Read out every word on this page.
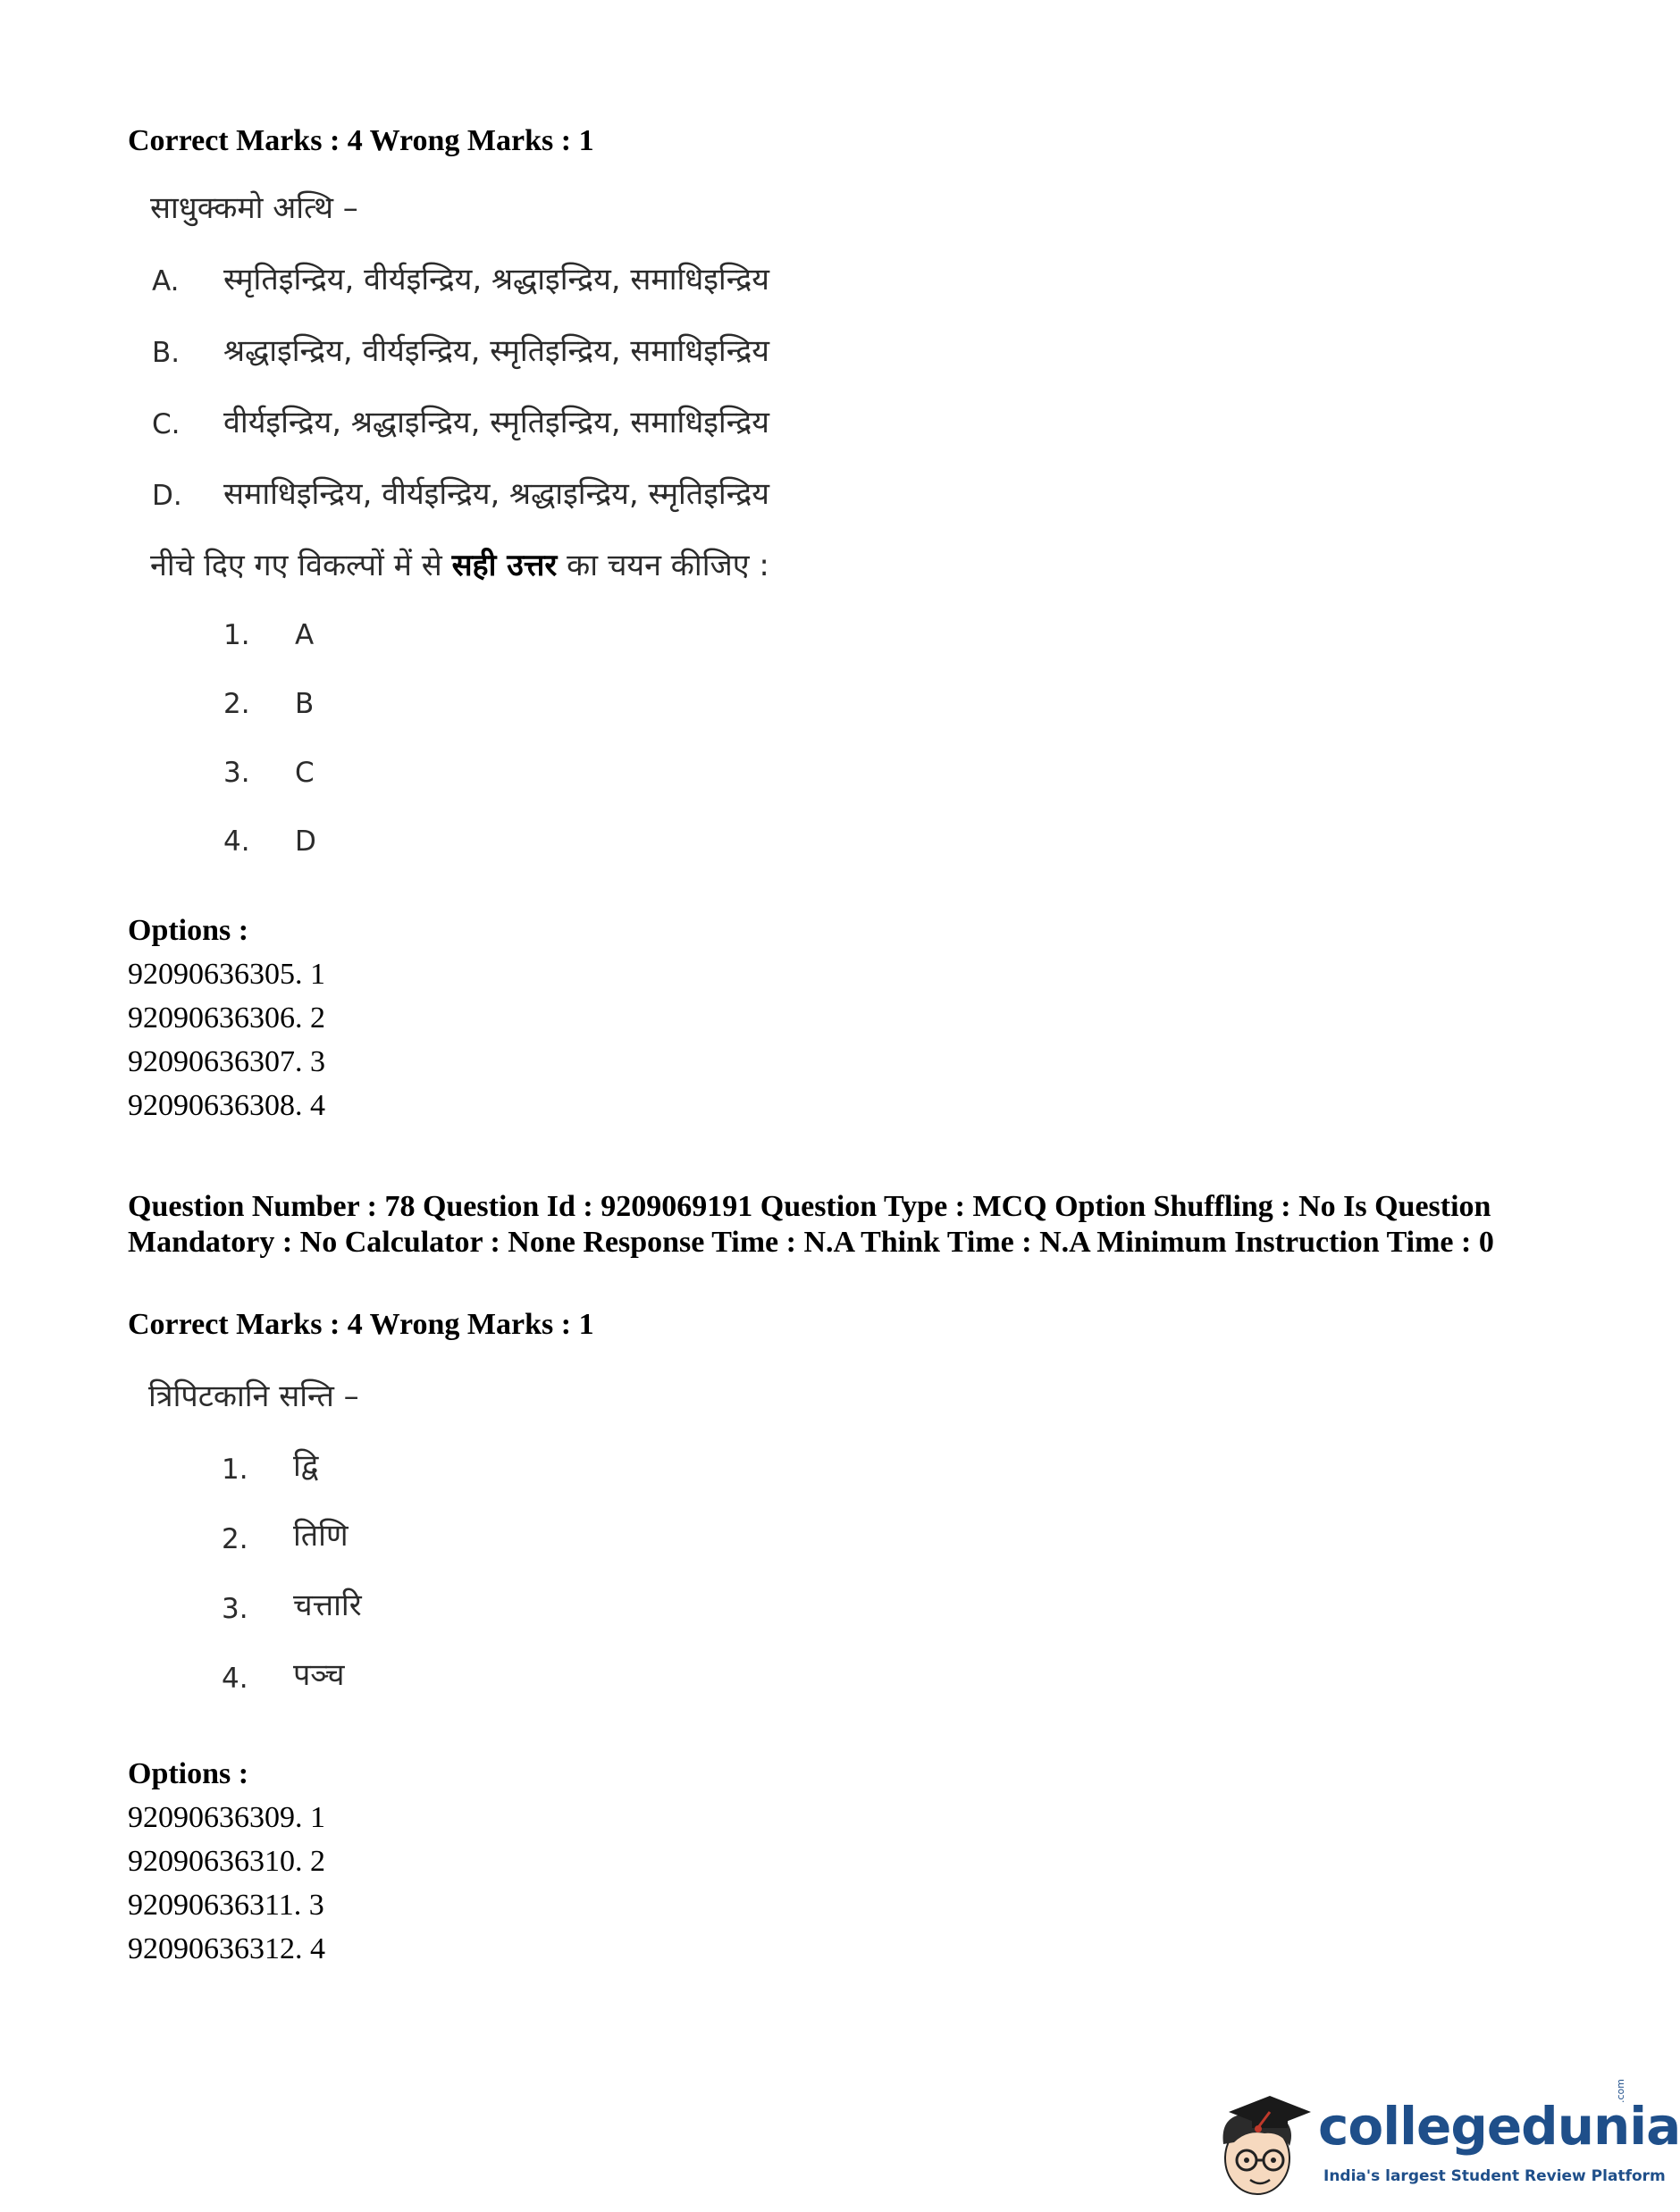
Correct Marks : 4 Wrong Marks : 1
साधुक्कमो अत्थि –
A. स्मृतिइन्द्रिय, वीर्यइन्द्रिय, श्रद्धाइन्द्रिय, समाधिइन्द्रिय
B. श्रद्धाइन्द्रिय, वीर्यइन्द्रिय, स्मृतिइन्द्रिय, समाधिइन्द्रिय
C. वीर्यइन्द्रिय, श्रद्धाइन्द्रिय, स्मृतिइन्द्रिय, समाधिइन्द्रिय
D. समाधिइन्द्रिय, वीर्यइन्द्रिय, श्रद्धाइन्द्रिय, स्मृतिइन्द्रिय
नीचे दिए गए विकल्पों में से सही उत्तर का चयन कीजिए :
1. A
2. B
3. C
4. D
Options :
92090636305. 1
92090636306. 2
92090636307. 3
92090636308. 4
Question Number : 78 Question Id : 9209069191 Question Type : MCQ Option Shuffling : No Is Question Mandatory : No Calculator : None Response Time : N.A Think Time : N.A Minimum Instruction Time : 0
Correct Marks : 4 Wrong Marks : 1
त्रिपिटकानि सन्ति –
1. द्वि
2. तिणि
3. चत्तारि
4. पञ्च
Options :
92090636309. 1
92090636310. 2
92090636311. 3
92090636312. 4
collegedunia
.com
India's largest Student Review Platform
